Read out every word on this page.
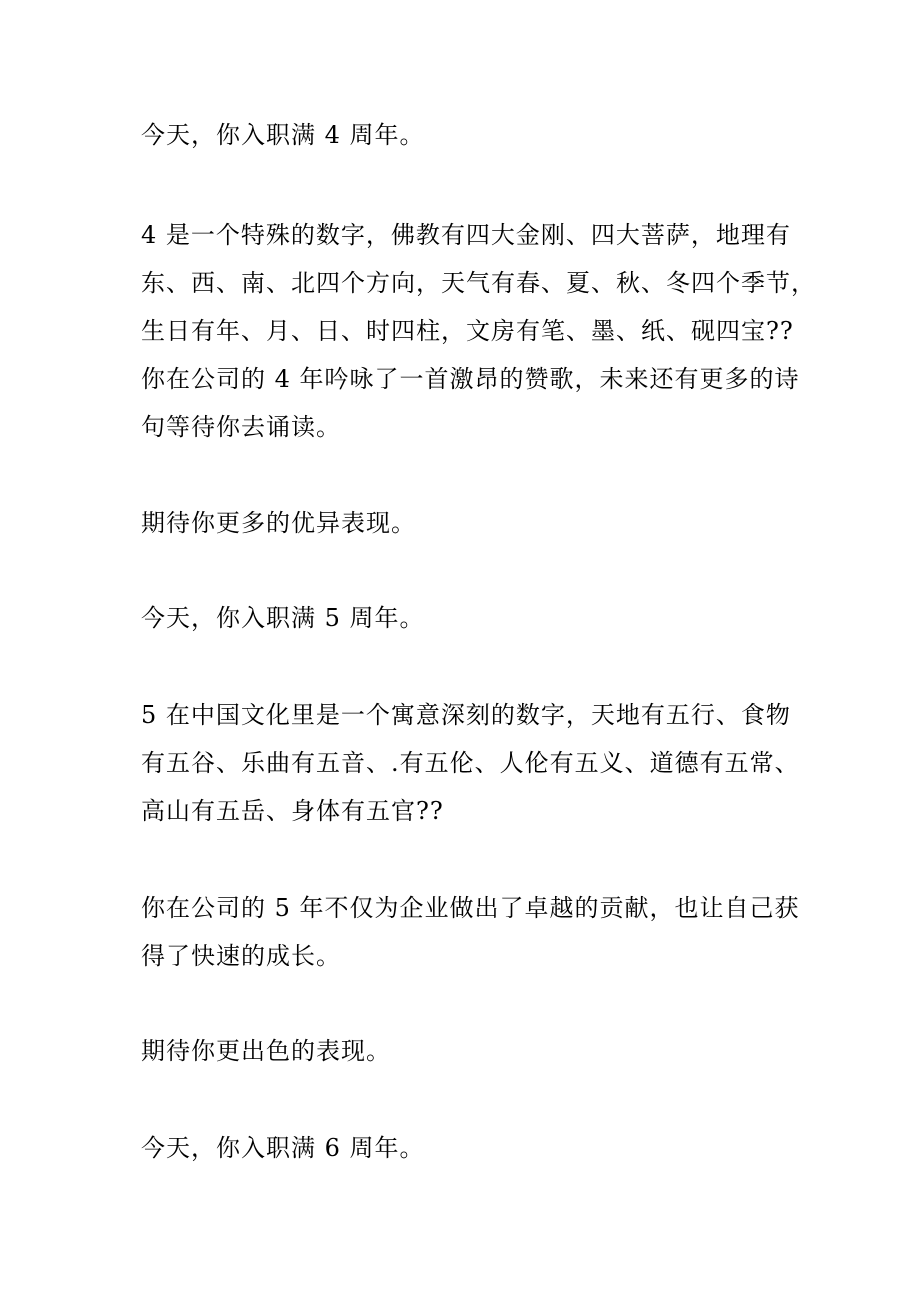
今天，你入职满 4 周年。

4 是一个特殊的数字，佛教有四大金刚、四大菩萨，地理有
东、西、南、北四个方向，天气有春、夏、秋、冬四个季节，
生日有年、月、日、时四柱，文房有笔、墨、纸、砚四宝??
你在公司的 4 年吟咏了一首激昂的赞歌，未来还有更多的诗
句等待你去诵读。

期待你更多的优异表现。

今天，你入职满 5 周年。

5 在中国文化里是一个寓意深刻的数字，天地有五行、食物
有五谷、乐曲有五音、.有五伦、人伦有五义、道德有五常、
高山有五岳、身体有五官??

你在公司的 5 年不仅为企业做出了卓越的贡献，也让自己获
得了快速的成长。

期待你更出色的表现。

今天，你入职满 6 周年。
